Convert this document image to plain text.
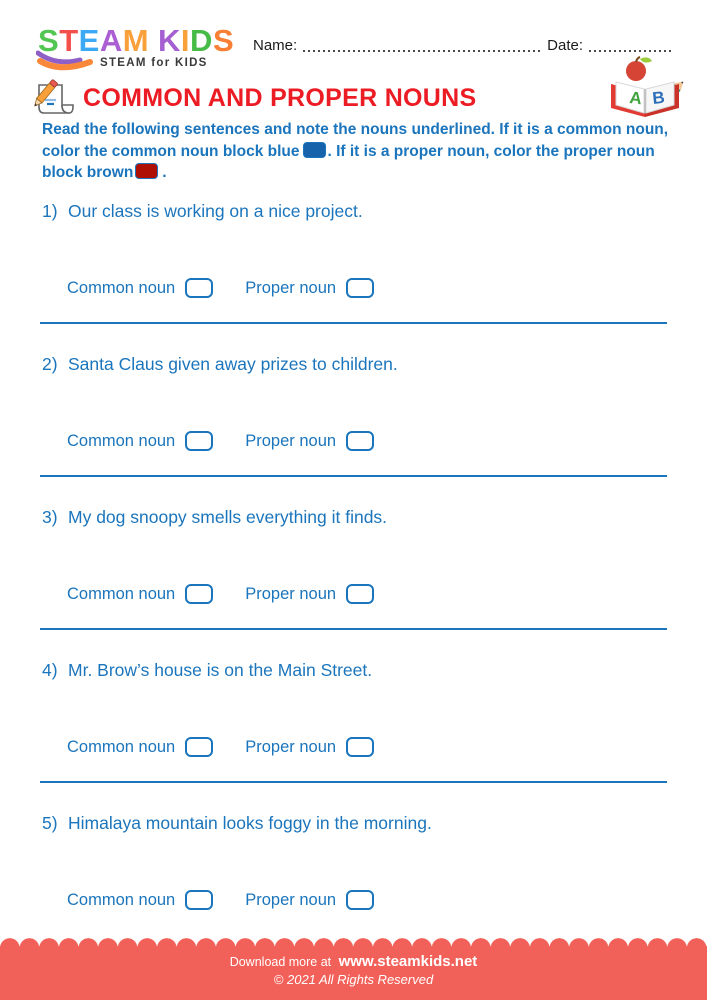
STEAM KIDS
STEAM for KIDS
Name:	Date:
A B
COMMON AND PROPER NOUNS
Read the following sentences and note the nouns underlined. If it is a common noun, color the common noun block blue . If it is a proper noun, color the proper noun block brown .

1) Our class is working on a nice project.

Common noun	Proper noun

2) Santa Claus given away prizes to children.

Common noun	Proper noun

3) My dog snoopy smells everything it finds.

Common noun	Proper noun

4) Mr. Brow’s house is on the Main Street.

Common noun	Proper noun

5) Himalaya mountain looks foggy in the morning.

Common noun	Proper noun
Download more at www.steamkids.net
© 2021 All Rights Reserved
